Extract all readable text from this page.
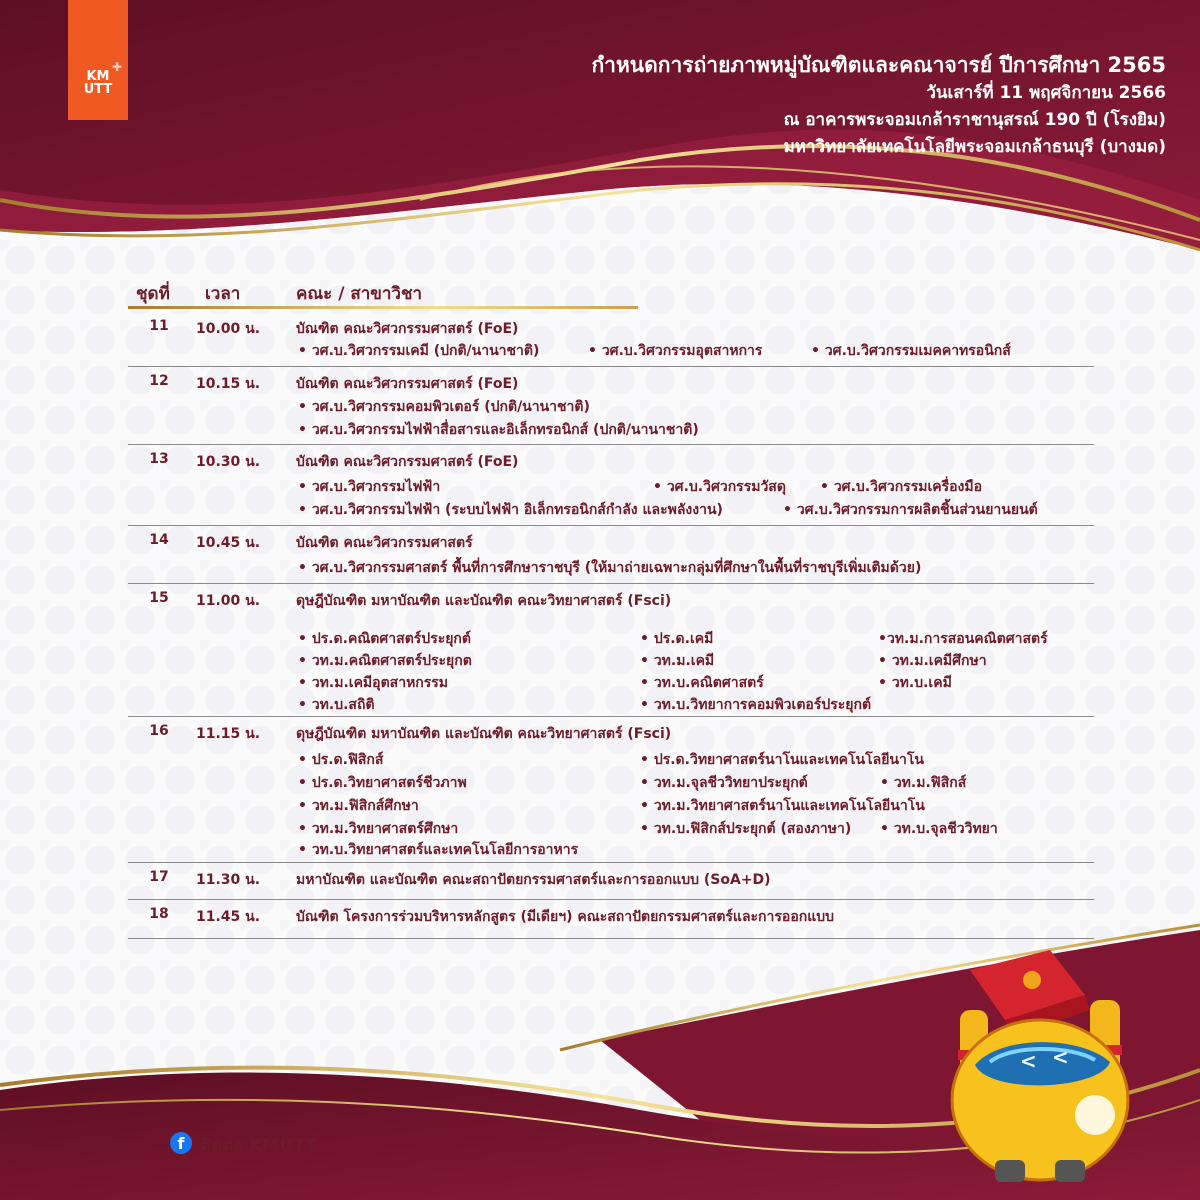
✚
KM
UTT
กำหนดการถ่ายภาพหมู่บัณฑิตและคณาจารย์ ปีการศึกษา 2565
วันเสาร์ที่ 11 พฤศจิกายน 2566
ณ อาคารพระจอมเกล้าราชานุสรณ์ 190 ปี (โรงยิม)
มหาวิทยาลัยเทคโนโลยีพระจอมเกล้าธนบุรี (บางมด)
ชุดที่ เวลา	คณะ / สาขาวิชา
11	10.00 น.	บัณฑิต คณะวิศวกรรมศาสตร์ (FoE)
• วศ.บ.วิศวกรรมเคมี (ปกติ/นานาชาติ)	• วศ.บ.วิศวกรรมอุตสาหการ	• วศ.บ.วิศวกรรมเมคคาทรอนิกส์
12	10.15 น.	บัณฑิต คณะวิศวกรรมศาสตร์ (FoE)
• วศ.บ.วิศวกรรมคอมพิวเตอร์ (ปกติ/นานาชาติ)
• วศ.บ.วิศวกรรมไฟฟ้าสื่อสารและอิเล็กทรอนิกส์ (ปกติ/นานาชาติ)
13	10.30 น.	บัณฑิต คณะวิศวกรรมศาสตร์ (FoE)
• วศ.บ.วิศวกรรมไฟฟ้า	• วศ.บ.วิศวกรรมวัสดุ • วศ.บ.วิศวกรรมเครื่องมือ
• วศ.บ.วิศวกรรมไฟฟ้า (ระบบไฟฟ้า อิเล็กทรอนิกส์กำลัง และพลังงาน)	• วศ.บ.วิศวกรรมการผลิตชิ้นส่วนยานยนต์
14	10.45 น.	บัณฑิต คณะวิศวกรรมศาสตร์
• วศ.บ.วิศวกรรมศาสตร์ พื้นที่การศึกษาราชบุรี (ให้มาถ่ายเฉพาะกลุ่มที่ศึกษาในพื้นที่ราชบุรีเพิ่มเติมด้วย)
15	11.00 น.	ดุษฎีบัณฑิต มหาบัณฑิต และบัณฑิต คณะวิทยาศาสตร์ (Fsci)
• ปร.ด.คณิตศาสตร์ประยุกต์	• ปร.ด.เคมี	•วท.ม.การสอนคณิตศาสตร์
• วท.ม.คณิตศาสตร์ประยุกต	• วท.ม.เคมี	• วท.ม.เคมีศึกษา
• วท.ม.เคมีอุตสาหกรรม	• วท.บ.คณิตศาสตร์	• วท.บ.เคมี
• วท.บ.สถิติ	• วท.บ.วิทยาการคอมพิวเตอร์ประยุกต์
16	11.15 น.	ดุษฎีบัณฑิต มหาบัณฑิต และบัณฑิต คณะวิทยาศาสตร์ (Fsci)
• ปร.ด.ฟิสิกส์	• ปร.ด.วิทยาศาสตร์นาโนและเทคโนโลยีนาโน
• ปร.ด.วิทยาศาสตร์ชีวภาพ	• วท.ม.จุลชีววิทยาประยุกต์	• วท.ม.ฟิสิกส์
• วท.ม.ฟิสิกส์ศึกษา	• วท.ม.วิทยาศาสตร์นาโนและเทคโนโลยีนาโน
• วท.ม.วิทยาศาสตร์ศึกษา	• วท.บ.ฟิสิกส์ประยุกต์ (สองภาษา) • วท.บ.จุลชีววิทยา
• วท.บ.วิทยาศาสตร์และเทคโนโลยีการอาหาร
17	11.30 น.	มหาบัณฑิต และบัณฑิต คณะสถาปัตยกรรมศาสตร์และการออกแบบ (SoA+D)
18	11.45 น.	บัณฑิต โครงการร่วมบริหารหลักสูตร (มีเดียฯ) คณะสถาปัตยกรรมศาสตร์และการออกแบบ
< <
f ติดต่อ KMUTT
